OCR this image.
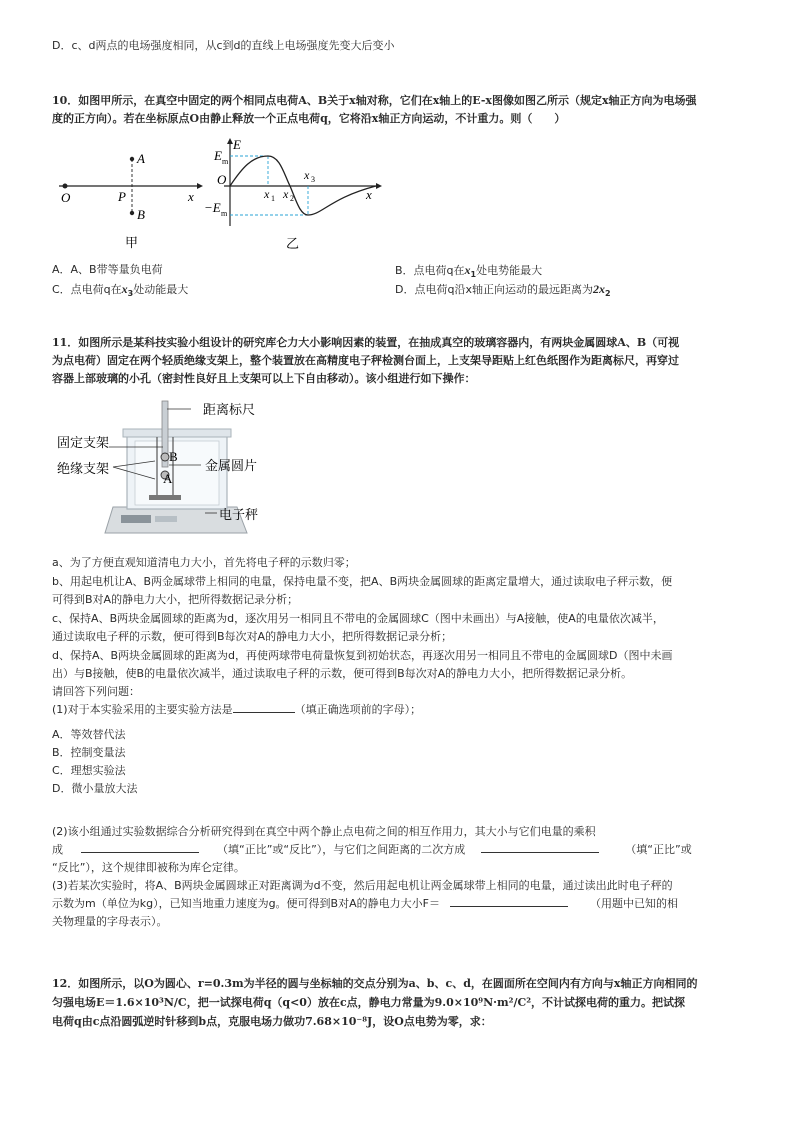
D．c、d两点的电场强度相同，从c到d的直线上电场强度先变大后变小
10．如图甲所示，在真空中固定的两个相同点电荷A、B关于x轴对称，它们在x轴上的E-x图像如图乙所示（规定x轴正方向为电场强
度的正方向）。若在坐标原点O由静止释放一个正点电荷q，它将沿x轴正方向运动，不计重力。则（　　）
A
B
P
O	x
甲
E m
E
−E m
O
x 1 x 2
x 3
x
乙
A．A、B带等量负电荷	B．点电荷q在$x_1$处电势能最大
C．点电荷q在$x_3$处动能最大	D．点电荷q沿x轴正向运动的最远距离为$2x_2$
11．如图所示是某科技实验小组设计的研究库仑力大小影响因素的装置，在抽成真空的玻璃容器内，有两块金属圆球A、B（可视
为点电荷）固定在两个轻质绝缘支架上，整个装置放在高精度电子秤检测台面上，上支架导距贴上红色纸图作为距离标尺，再穿过
容器上部玻璃的小孔（密封性良好且上支架可以上下自由移动）。该小组进行如下操作：
距离标尺
固定支架
绝缘支架	金属圆片
电子秤
B
A
a、为了方便直观知道清电力大小，首先将电子秤的示数归零；
b、用起电机让A、B两金属球带上相同的电量，保持电量不变，把A、B两块金属圆球的距离定量增大，通过读取电子秤示数，便
可得到B对A的静电力大小，把所得数据记录分析；
c、保持A、B两块金属圆球的距离为d，逐次用另一相同且不带电的金属圆球C（图中未画出）与A接触，使A的电量依次减半，
通过读取电子秤的示数，便可得到B每次对A的静电力大小，把所得数据记录分析；
d、保持A、B两块金属圆球的距离为d，再使两球带电荷量恢复到初始状态，再逐次用另一相同且不带电的金属圆球D（图中未画
出）与B接触，使B的电量依次减半，通过读取电子秤的示数，便可得到B每次对A的静电力大小，把所得数据记录分析。
请回答下列问题：
(1)对于本实验采用的主要实验方法是	（填正确选项前的字母）；
A．等效替代法
B．控制变量法
C．理想实验法
D．微小量放大法
(2)该小组通过实验数据综合分析研究得到在真空中两个静止点电荷之间的相互作用力，其大小与它们电量的乘积
成	（填“正比”或“反比”），与它们之间距离的二次方成	（填“正比”或
“反比”），这个规律即被称为库仑定律。
(3)若某次实验时，将A、B两块金属圆球正对距离调为d不变，然后用起电机让两金属球带上相同的电量，通过读出此时电子秤的
示数为m（单位为kg），已知当地重力速度为g。便可得到B对A的静电力大小F＝	（用题中已知的相
关物理量的字母表示）。
12．如图所示，以O为圆心、r=0.3m为半径的圆与坐标轴的交点分别为a、b、c、d，在圆面所在空间内有方向与x轴正方向相同的
匀强电场E＝1.6×10³N/C，把一试探电荷q（q<0）放在c点，静电力常量为9.0×10⁹N·m²/C²，不计试探电荷的重力。把试探
电荷q由c点沿圆弧逆时针移到b点，克服电场力做功7.68×10⁻⁸J，设O点电势为零，求：
